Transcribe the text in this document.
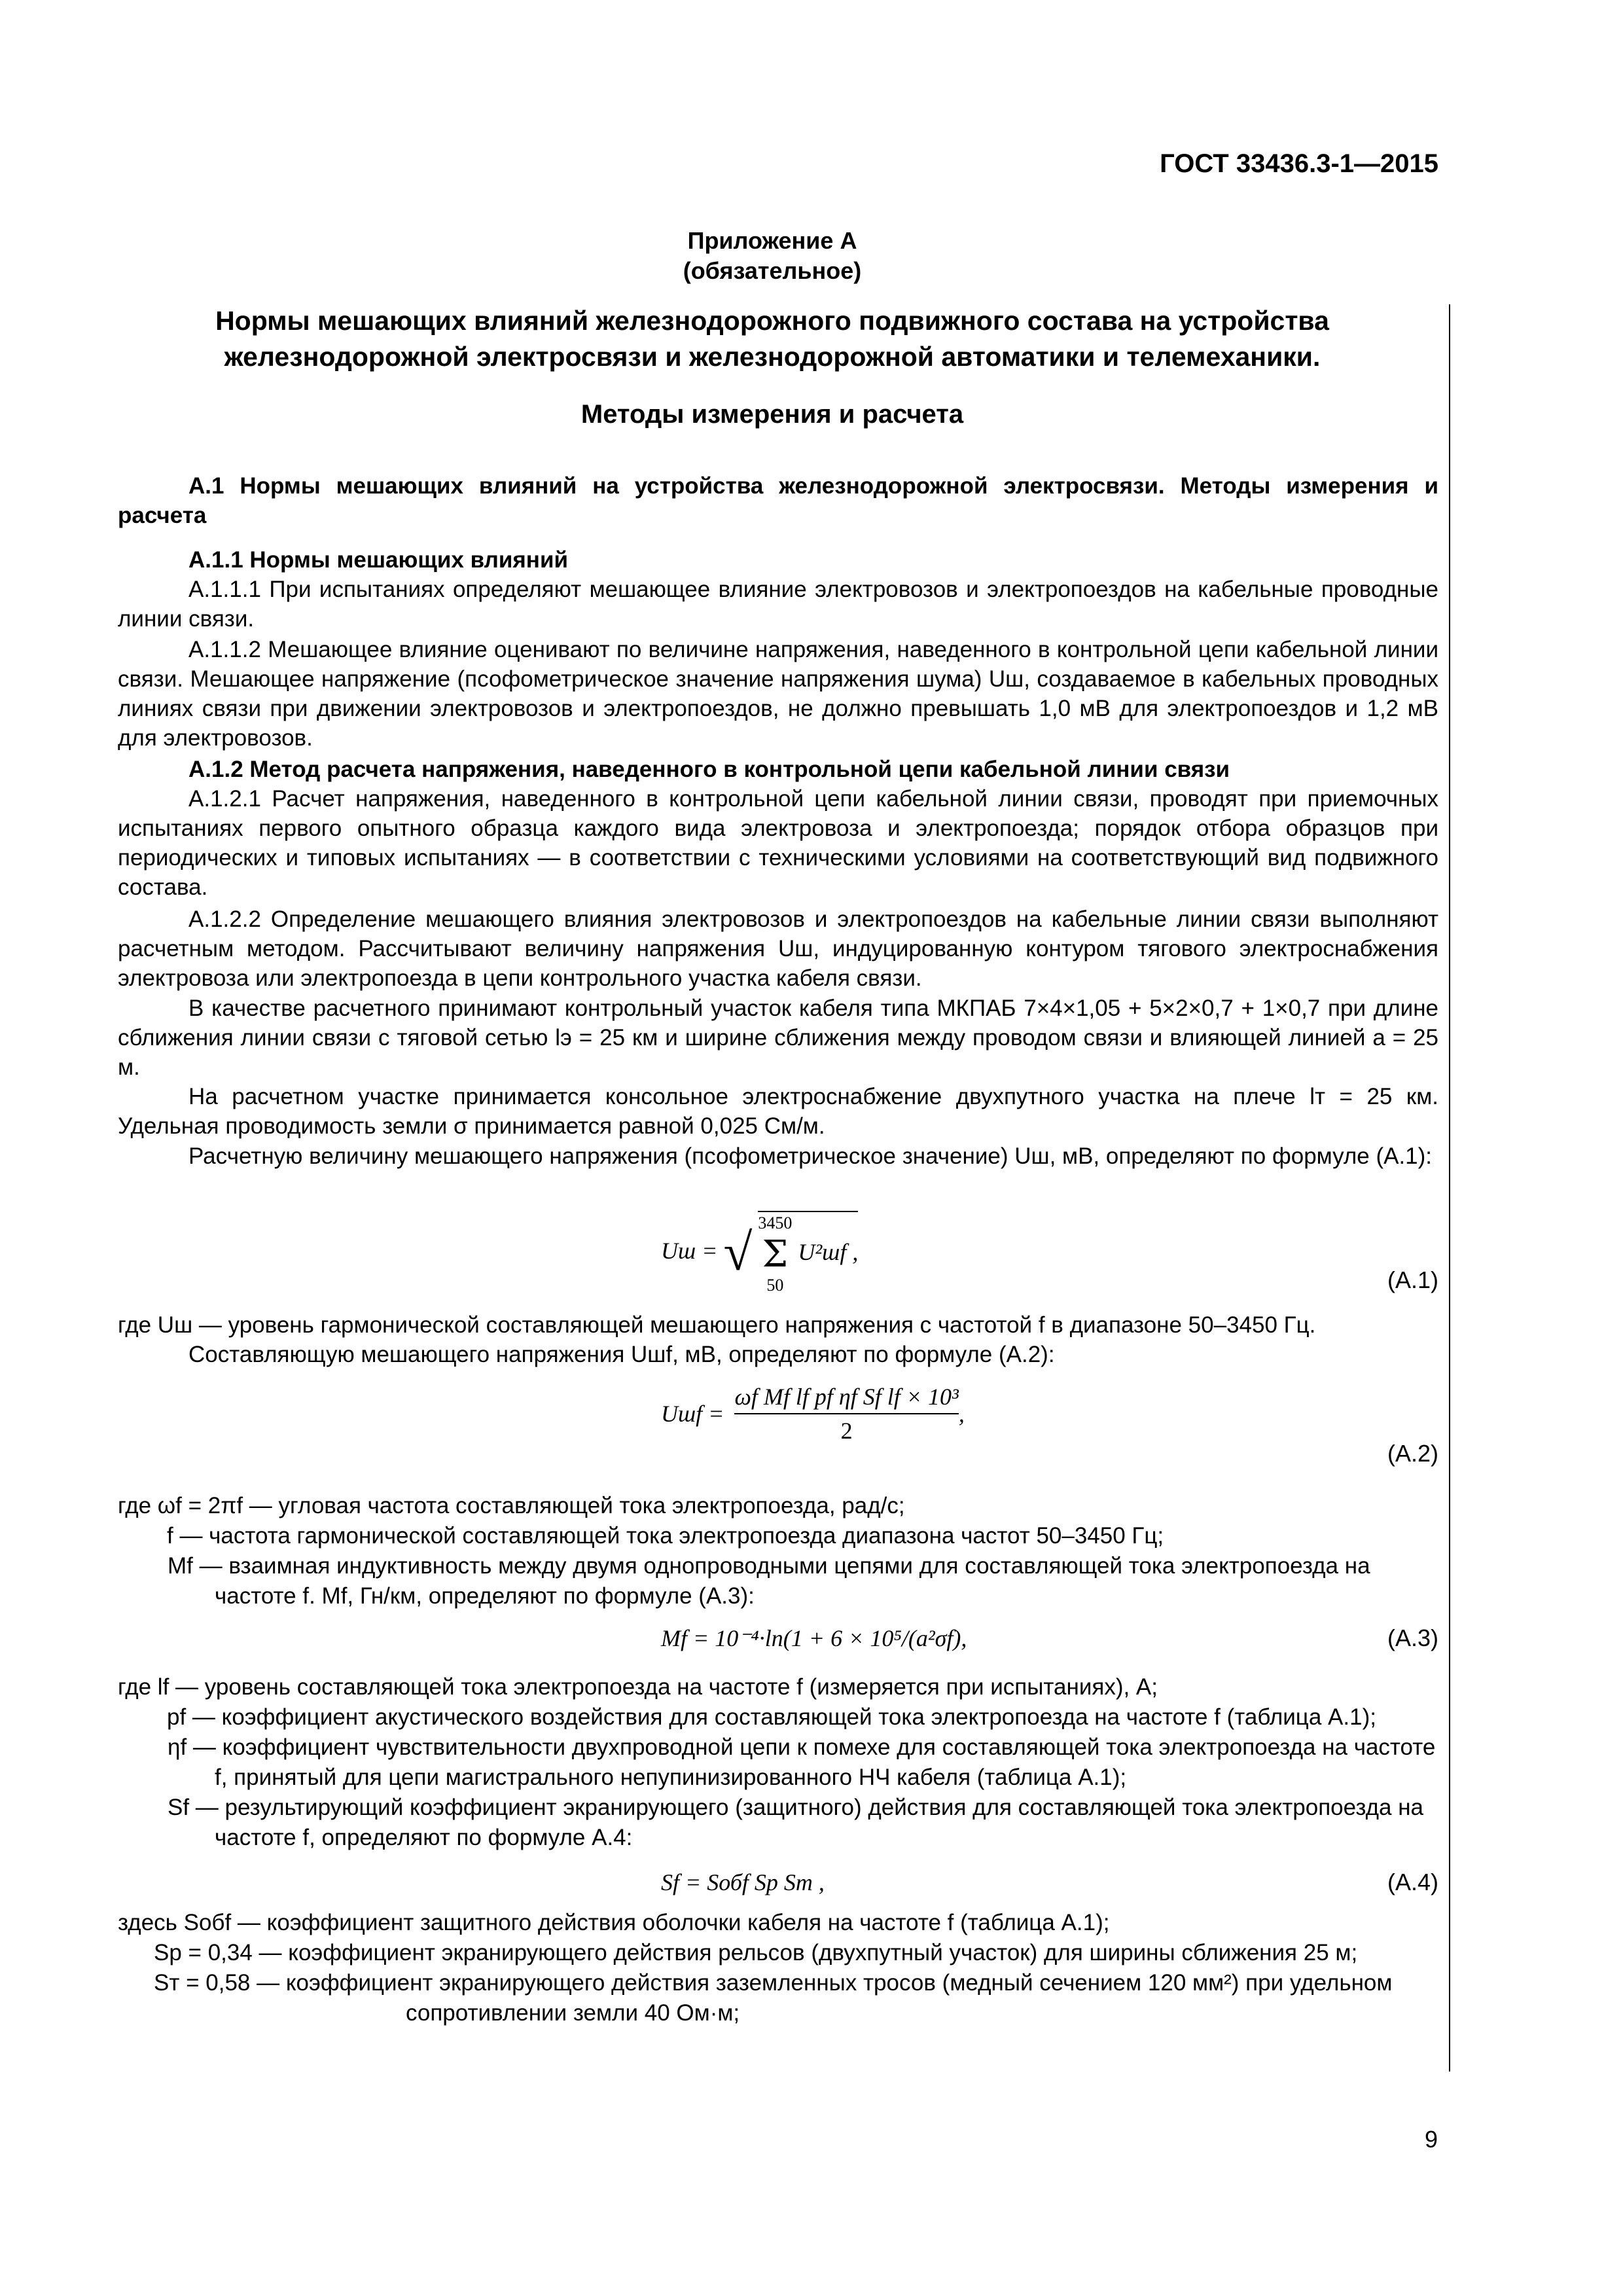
ГОСТ 33436.3-1—2015
Приложение А
(обязательное)
Нормы мешающих влияний железнодорожного подвижного состава на устройства
железнодорожной электросвязи и железнодорожной автоматики и телемеханики.
Методы измерения и расчета
А.1 Нормы мешающих влияний на устройства железнодорожной электросвязи. Методы измерения и расчета
А.1.1 Нормы мешающих влияний
А.1.1.1 При испытаниях определяют мешающее влияние электровозов и электропоездов на кабельные проводные линии связи.
А.1.1.2 Мешающее влияние оценивают по величине напряжения, наведенного в контрольной цепи кабельной линии связи. Мешающее напряжение (псофометрическое значение напряжения шума) Uш, создаваемое в кабельных проводных линиях связи при движении электровозов и электропоездов, не должно превышать 1,0 мВ для электропоездов и 1,2 мВ для электровозов.
А.1.2 Метод расчета напряжения, наведенного в контрольной цепи кабельной линии связи
А.1.2.1 Расчет напряжения, наведенного в контрольной цепи кабельной линии связи, проводят при приемочных испытаниях первого опытного образца каждого вида электровоза и электропоезда; порядок отбора образцов при периодических и типовых испытаниях — в соответствии с техническими условиями на соответствующий вид подвижного состава.
А.1.2.2 Определение мешающего влияния электровозов и электропоездов на кабельные линии связи выполняют расчетным методом. Рассчитывают величину напряжения Uш, индуцированную контуром тягового электроснабжения электровоза или электропоезда в цепи контрольного участка кабеля связи.
В качестве расчетного принимают контрольный участок кабеля типа МКПАБ 7×4×1,05 + 5×2×0,7 + 1×0,7 при длине сближения линии связи с тяговой сетью lэ = 25 км и ширине сближения между проводом связи и влияющей линией a = 25 м.
На расчетном участке принимается консольное электроснабжение двухпутного участка на плече lт = 25 км. Удельная проводимость земли σ принимается равной 0,025 См/м.
Расчетную величину мешающего напряжения (псофометрическое значение) Uш, мВ, определяют по формуле (А.1):
Uш = √
3450
Σ
50
U²шf ,
(А.1)
где Uш — уровень гармонической составляющей мешающего напряжения с частотой f в диапазоне 50–3450 Гц.
Составляющую мешающего напряжения Uшf, мВ, определяют по формуле (А.2):
Uшf = $\frac{\text{ωf Mf lf pf ηf Sf lf × 10³}}{2}$ ,
(А.2)

где ωf = 2πf — угловая частота составляющей тока электропоезда, рад/с;

f — частота гармонической составляющей тока электропоезда диапазона частот 50–3450 Гц;

Mf — взаимная индуктивность между двумя однопроводными цепями для составляющей тока электропоезда на частоте f. Mf, Гн/км, определяют по формуле (А.3):

Mf = 10⁻⁴·ln(1 + 6 × 10⁵/(a²σf),	(А.3)

где lf — уровень составляющей тока электропоезда на частоте f (измеряется при испытаниях), А;

pf — коэффициент акустического воздействия для составляющей тока электропоезда на частоте f (таблица А.1);

ηf — коэффициент чувствительности двухпроводной цепи к помехе для составляющей тока электропоезда на частоте f, принятый для цепи магистрального непупинизированного НЧ кабеля (таблица А.1);

Sf — результирующий коэффициент экранирующего (защитного) действия для составляющей тока электропоезда на частоте f, определяют по формуле А.4:

Sf = Sобf Sp Sт ,	(А.4)

здесь Sобf — коэффициент защитного действия оболочки кабеля на частоте f (таблица А.1);

Sp = 0,34 — коэффициент экранирующего действия рельсов (двухпутный участок) для ширины сближения 25 м;

Sт = 0,58 — коэффициент экранирующего действия заземленных тросов (медный сечением 120 мм²) при удельном сопротивлении земли 40 Ом·м;

9
